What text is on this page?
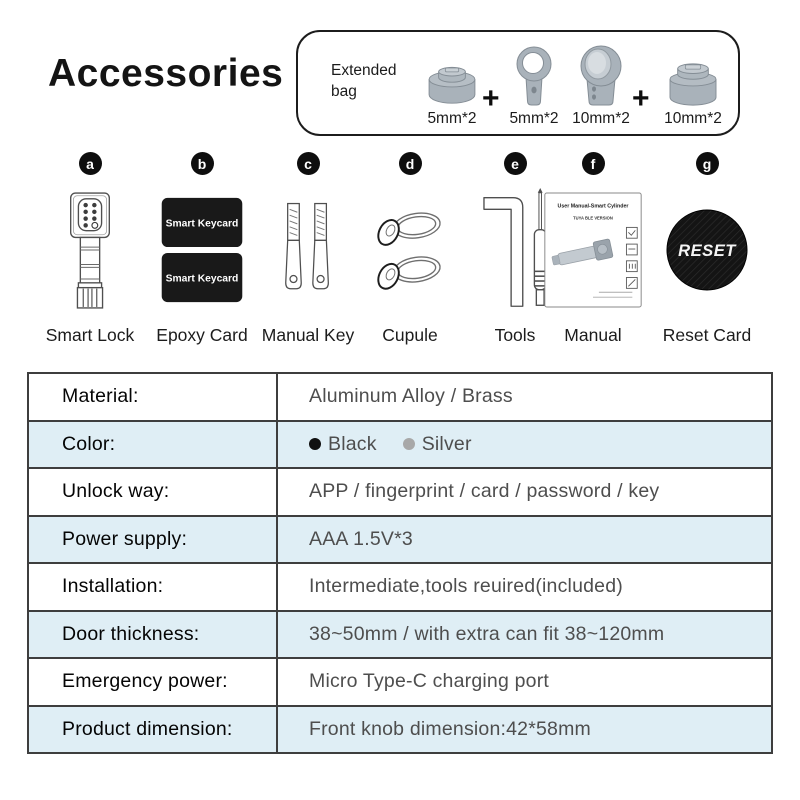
Accessories	Extended bag
5mm*2
+
5mm*2 10mm*2
+
10mm*2
a
Smart Lock
b
Smart Keycard
Smart Keycard
Epoxy Card
c
Manual Key
d
Cupule
e
Tools
f
User Manual-Smart Cylinder
TUYA BLE VERSION
Manual
g
RESET
Reset Card
Material:	Aluminum Alloy / Brass
Color:	Black Silver
Unlock way:	APP / fingerprint / card / password / key
Power supply:	AAA 1.5V*3
Installation:	Intermediate,tools reuired(included)
Door thickness:	38~50mm / with extra can fit 38~120mm
Emergency power:	Micro Type-C charging port
Product dimension:	Front knob dimension:42*58mm
